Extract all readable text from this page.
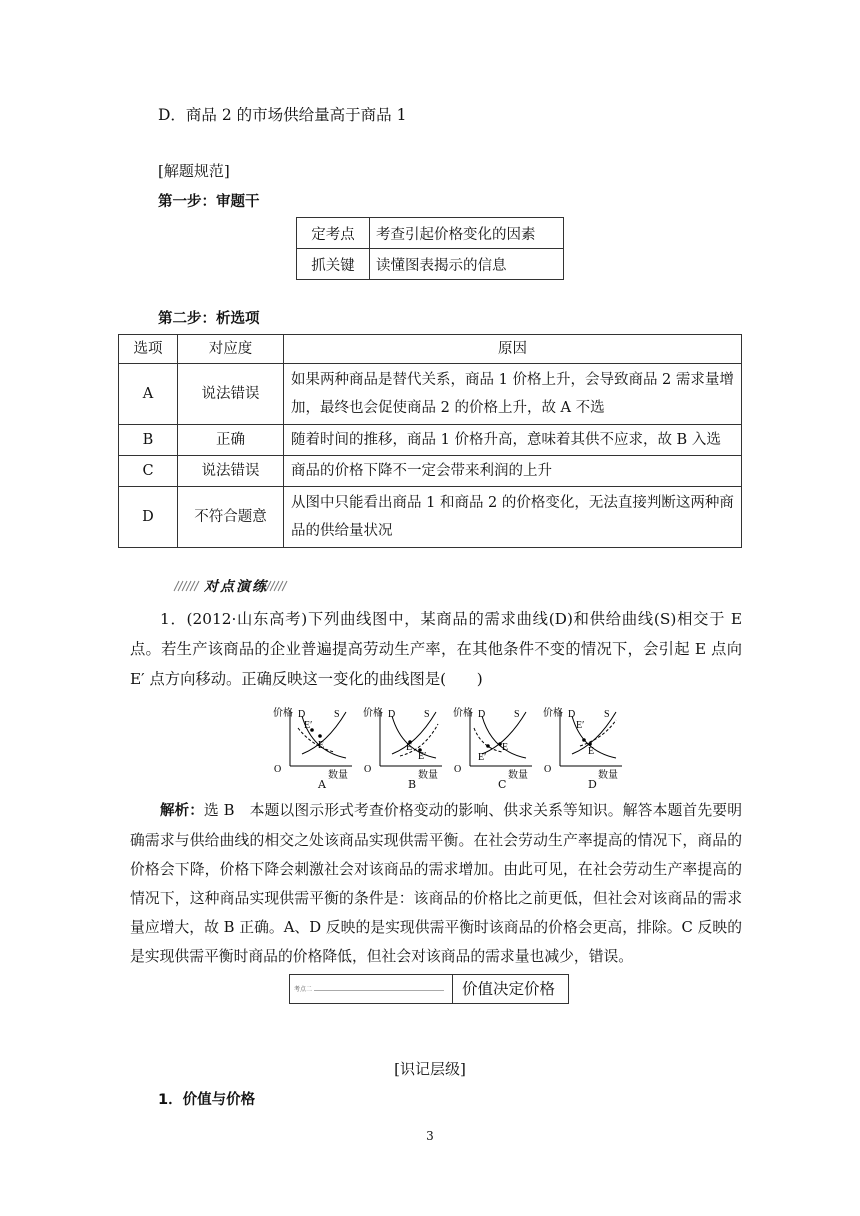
D．商品 2 的市场供给量高于商品 1
[解题规范]
第一步：审题干
定考点	考查引起价格变化的因素
抓关键	读懂图表揭示的信息
第二步：析选项
选项	对应度	原因
A	说法错误	如果两种商品是替代关系，商品 1 价格上升，会导致商品 2 需求量增加，最终也会促使商品 2 的价格上升，故 A 不选
B	正确	随着时间的推移，商品 1 价格升高，意味着其供不应求，故 B 入选
C	说法错误	商品的价格下降不一定会带来利润的上升
D	不符合题意	从图中只能看出商品 1 和商品 2 的价格变化，无法直接判断这两种商品的供给量状况
对点演练
1．(2012·山东高考)下列曲线图中，某商品的需求曲线(D)和供给曲线(S)相交于 E 点。若生产该商品的企业普遍提高劳动生产率，在其他条件不变的情况下，会引起 E 点向 E′ 点方向移动。正确反映这一变化的曲线图是(　　)
价格
O
D	S
E′
E
数量
A
价格
O
D	S
E
E′
数量
B
价格
O
D	S
E
E′
数量
C
价格
O
D	S
E′
E
数量
D
解析：选 B　本题以图示形式考查价格变动的影响、供求关系等知识。解答本题首先要明确需求与供给曲线的相交之处该商品实现供需平衡。在社会劳动生产率提高的情况下，商品的价格会下降，价格下降会刺激社会对该商品的需求增加。由此可见，在社会劳动生产率提高的情况下，这种商品实现供需平衡的条件是：该商品的价格比之前更低，但社会对该商品的需求量应增大，故 B 正确。A、D 反映的是实现供需平衡时该商品的价格会更高，排除。C 反映的是实现供需平衡时商品的价格降低，但社会对该商品的需求量也减少，错误。
考点二	价值决定价格
[识记层级]
1．价值与价格
3
